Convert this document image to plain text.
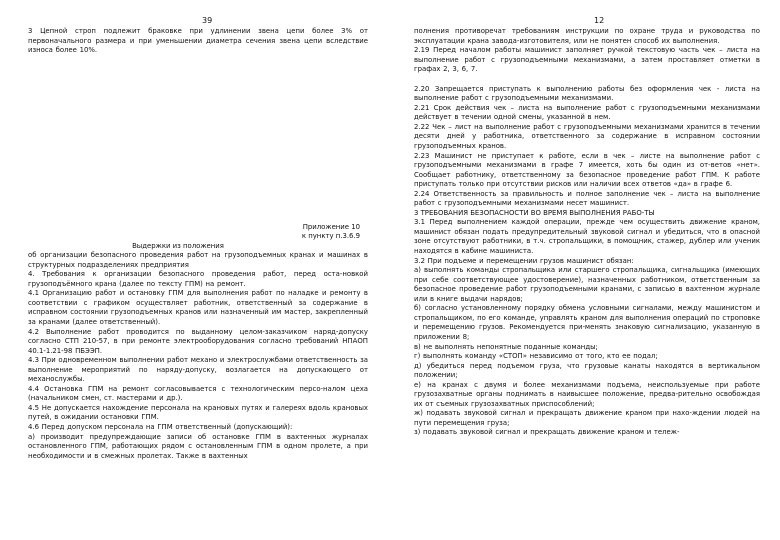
39

3 Цепной строп подлежит браковке при удлинении звена цепи более 3% от первоначального размера и при уменьшении диаметра сечения звена цепи вследствие износа более 10%.

Приложение 10

к пункту п.3.6.9

Выдержки из положения

об организации безопасного проведения работ на грузоподъемных кранах и машинах в структурных подразделениях предприятия

4. Требования к организации безопасного проведения работ, перед оста-новкой грузоподъёмного крана (далее по тексту ГПМ) на ремонт.

4.1 Организацию работ и остановку ГПМ для выполнения работ по наладке и ремонту в соответствии с графиком осуществляет работник, ответственный за содержание в исправном состоянии грузоподъемных кранов или назначенный им мастер, закрепленный за кранами (далее ответственный).

4.2 Выполнение работ проводится по выданному целом-заказчиком наряд-допуску согласно СТП 210-57, в при ремонте электрооборудования согласно требований НПАОП 40.1-1.21-98 ПБЭЭП.

4.3 При одновременном выполнении работ механо и электрослужбами ответственность за выполнение мероприятий по наряду-допуску, возлагается на допускающего от механослужбы.

4.4 Остановка ГПМ на ремонт согласовывается с технологическим персо-налом цеха (начальником смен, ст. мастерами и др.).

4.5 Не допускается нахождение персонала на крановых путях и галереях вдоль крановых путей, в ожидании остановки ГПМ.

4.6 Перед допуском персонала на ГПМ ответственный (допускающий):

а) производит предупреждающие записи об остановке ГПМ в вахтенных журналах остановленного ГПМ, работающих рядом с остановленным ГПМ в одном пролете, а при необходимости и в смежных пролетах. Также в вахтенных

12

полнения противоречат требованиям инструкции по охране труда и руководства по эксплуатации крана завода-изготовителя, или не понятен способ их выполнения.

2.19 Перед началом работы машинист заполняет ручкой текстовую часть чек – листа на выполнение работ с грузоподъемными механизмами, а затем проставляет отметки в графах 2, 3, 6, 7.

2.20 Запрещается приступать к выполнению работы без оформления чек - листа на выполнение работ с грузоподъемными механизмами.

2.21 Срок действия чек – листа на выполнение работ с грузоподъемными механизмами действует в течении одной смены, указанной в нем.

2.22 Чек – лист на выполнение работ с грузоподъемными механизмами хранится в течении десяти дней у работника, ответственного за содержание в исправном состоянии грузоподъемных кранов.

2.23 Машинист не приступает к работе, если в чек – листе на выполнение работ с грузоподъемными механизмами в графе 7 имеется, хоть бы один из от-ветов «нет». Сообщает работнику, ответственному за безопасное проведение работ ГПМ. К работе приступать только при отсутствии рисков или наличии всех ответов «да» в графе 6.

2.24 Ответственность за правильность и полное заполнение чек – листа на выполнение работ с грузоподъемными механизмами несет машинист.

3 ТРЕБОВАНИЯ БЕЗОПАСНОСТИ ВО ВРЕМЯ ВЫПОЛНЕНИЯ РАБО-ТЫ

3.1 Перед выполнением каждой операции, прежде чем осуществить движение краном, машинист обязан подать предупредительный звуковой сигнал и убедиться, что в опасной зоне отсутствуют работники, в т.ч. стропальщики, в помощник, стажер, дублер или ученик находятся в кабине машиниста.

3.2 При подъеме и перемещении грузов машинист обязан:

а) выполнять команды стропальщика или старшего стропальщика, сигнальщика (имеющих при себе соответствующее удостоверение), назначенных работником, ответственным за безопасное проведение работ грузоподъемными кранами, с записью в вахтенном журнале или в книге выдачи нарядов;

б) согласно установленному порядку обмена условными сигналами, между машинистом и стропальщиком, по его команде, управлять краном для выполнения операций по строповке и перемещению грузов. Рекомендуется при-менять знаковую сигнализацию, указанную в приложении 8;

в) не выполнять непонятные поданные команды;

г) выполнять команду «СТОП» независимо от того, кто ее подал;

д) убедиться перед подъемом груза, что грузовые канаты находятся в вертикальном положении;

е) на кранах с двумя и более механизмами подъема, неиспользуемые при работе грузозахватные органы поднимать в наивысшее положение, предва-рительно освобождая их от съемных грузозахватных приспособлений;

ж) подавать звуковой сигнал и прекращать движение краном при нахо-ждении людей на пути перемещения груза;

з) подавать звуковой сигнал и прекращать движение краном и тележ-
